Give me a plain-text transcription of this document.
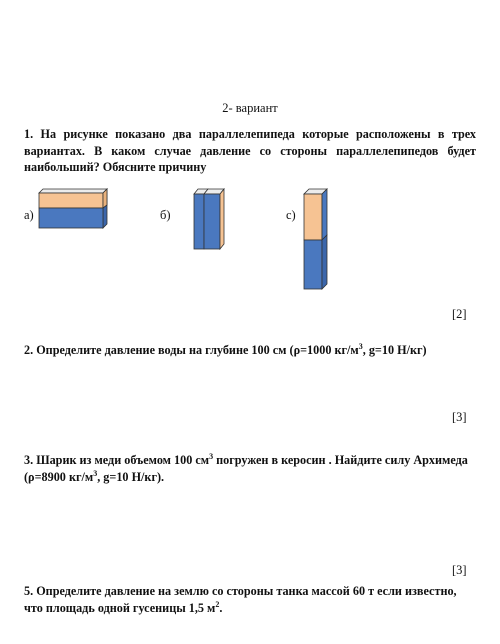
2- вариант
1. На рисунке показано два параллелепипеда которые расположены в трех вариантах. В каком случае давление со стороны параллелепипедов будет наибольший? Обясните причину
а)	б)	с)
[2]
2. Определите давление воды на глубине 100 см (ρ=1000 $кг/м^3$, g=10 Н/кг)
[3]
3. Шарик из меди объемом 100 $см^3$ погружен в керосин . Найдите силу Архимеда
(ρ=8900 $кг/м^3$, g=10 Н/кг).
[3]
5. Определите давление на землю со стороны танка массой 60 т если известно,
что площадь одной гусеницы 1,5 $м^2$.
